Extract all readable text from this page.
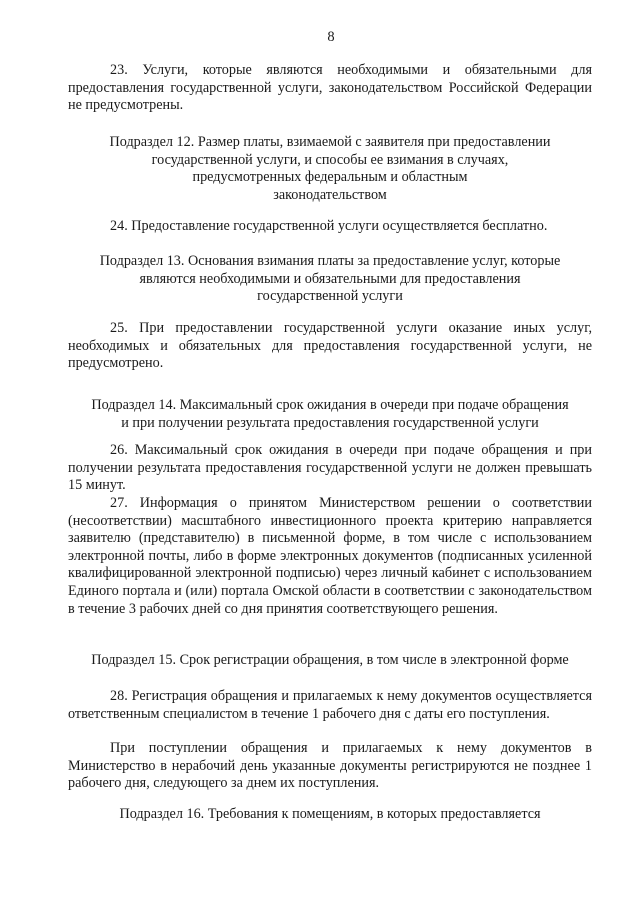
8

23. Услуги, которые являются необходимыми и обязательными для предоставления государственной услуги, законодательством Российской Федерации не предусмотрены.

Подраздел 12. Размер платы, взимаемой с заявителя при предоставлении
государственной услуги, и способы ее взимания в случаях,
предусмотренных федеральным и областным
законодательством

24. Предоставление государственной услуги осуществляется бесплатно.

Подраздел 13. Основания взимания платы за предоставление услуг, которые
являются необходимыми и обязательными для предоставления
государственной услуги

25. При предоставлении государственной услуги оказание иных услуг, необходимых и обязательных для предоставления государственной услуги, не предусмотрено.

Подраздел 14. Максимальный срок ожидания в очереди при подаче обращения
и при получении результата предоставления государственной услуги

26. Максимальный срок ожидания в очереди при подаче обращения и при получении результата предоставления государственной услуги не должен превышать 15 минут.

27. Информация о принятом Министерством решении о соответствии (несоответствии) масштабного инвестиционного проекта критерию направляется заявителю (представителю) в письменной форме, в том числе с использованием электронной почты, либо в форме электронных документов (подписанных усиленной квалифицированной электронной подписью) через личный кабинет с использованием Единого портала и (или) портала Омской области в соответствии с законодательством в течение 3 рабочих дней со дня принятия соответствующего решения.

Подраздел 15. Срок регистрации обращения, в том числе в электронной форме

28. Регистрация обращения и прилагаемых к нему документов осуществляется ответственным специалистом в течение 1 рабочего дня с даты его поступления.

При поступлении обращения и прилагаемых к нему документов в Министерство в нерабочий день указанные документы регистрируются не позднее 1 рабочего дня, следующего за днем их поступления.

Подраздел 16. Требования к помещениям, в которых предоставляется
